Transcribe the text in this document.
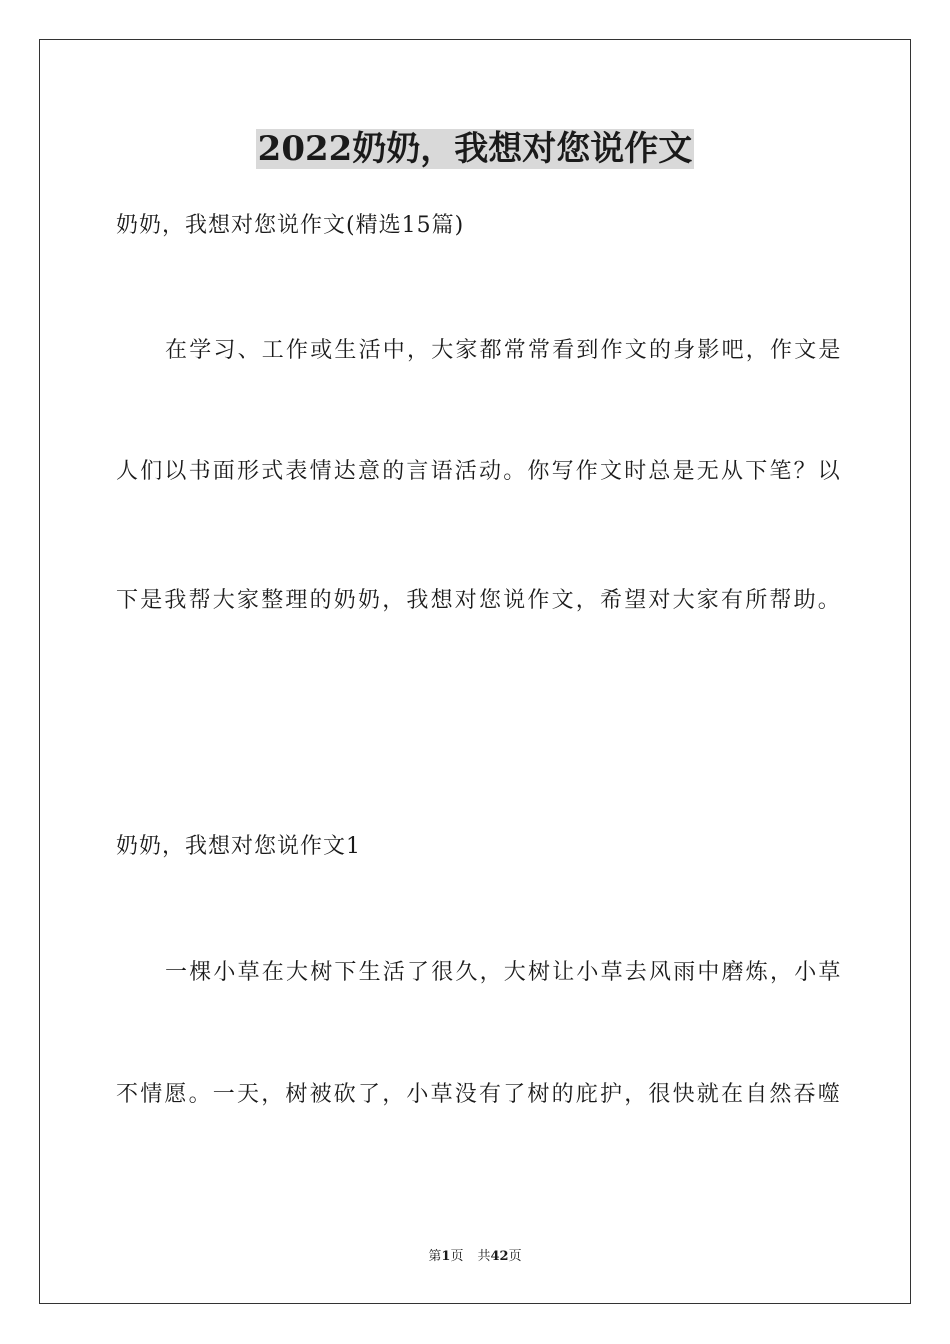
2022奶奶，我想对您说作文
奶奶，我想对您说作文(精选15篇)
在学习、工作或生活中，大家都常常看到作文的身影吧，作文是
人们以书面形式表情达意的言语活动。你写作文时总是无从下笔？以
下是我帮大家整理的奶奶，我想对您说作文，希望对大家有所帮助。
奶奶，我想对您说作文1
一棵小草在大树下生活了很久，大树让小草去风雨中磨炼，小草
不情愿。一天，树被砍了，小草没有了树的庇护，很快就在自然吞噬
第1页 共42页
